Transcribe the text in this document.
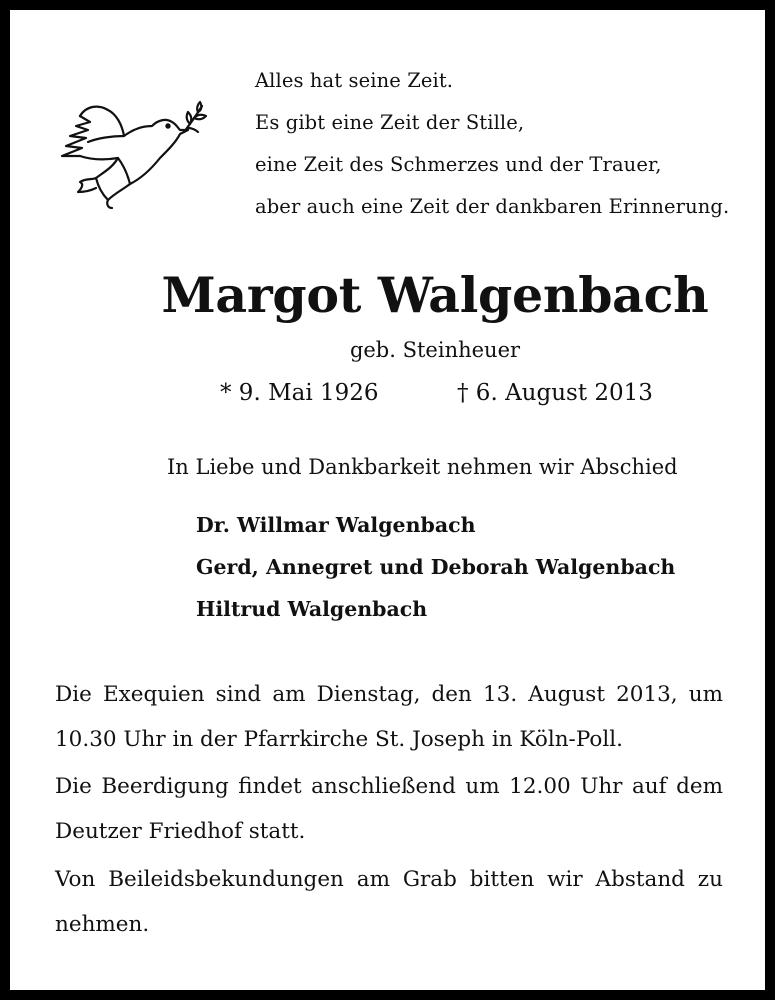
Alles hat seine Zeit.
Es gibt eine Zeit der Stille,
eine Zeit des Schmerzes und der Trauer,
aber auch eine Zeit der dankbaren Erinnerung.
Margot Walgenbach
geb. Steinheuer
* 9. Mai 1926	† 6. August 2013
In Liebe und Dankbarkeit nehmen wir Abschied
Dr. Willmar Walgenbach
Gerd, Annegret und Deborah Walgenbach
Hiltrud Walgenbach
Die Exequien sind am Dienstag, den 13. August 2013, um 10.30 Uhr in der Pfarrkirche St. Joseph in Köln-Poll.
Die Beerdigung findet anschließend um 12.00 Uhr auf dem Deutzer Friedhof statt.
Von Beileidsbekundungen am Grab bitten wir Abstand zu nehmen.
